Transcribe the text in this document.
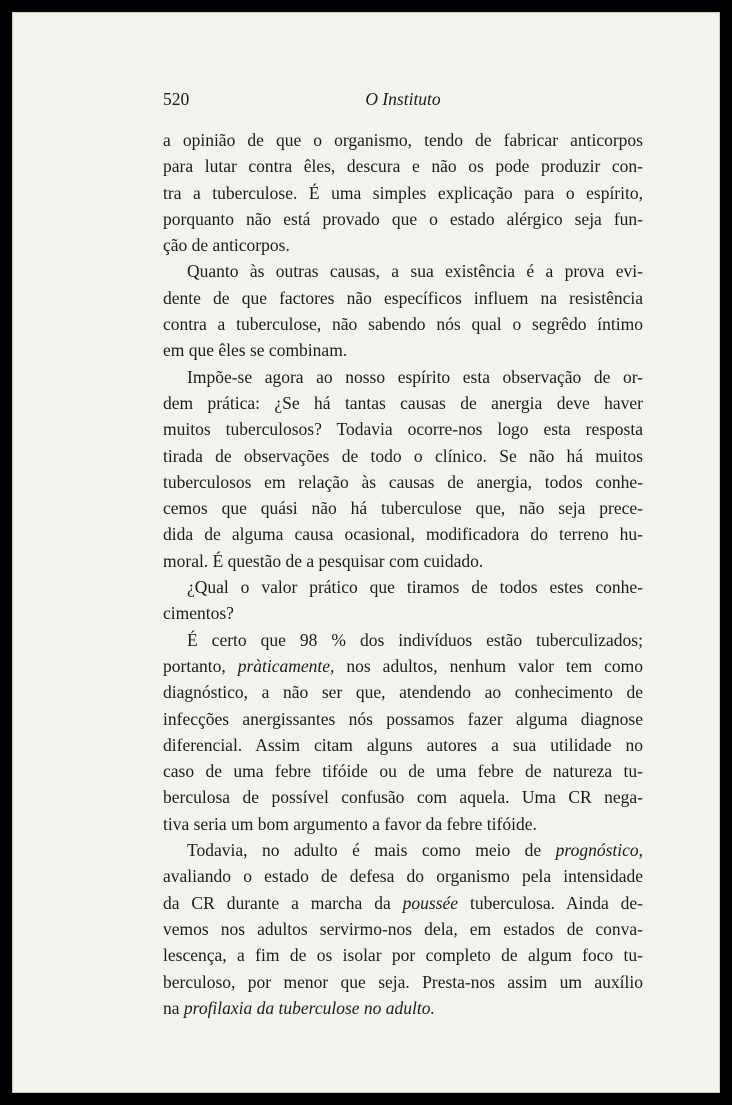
520	O Instituto
a opinião de que o organismo, tendo de fabricar anticorpos
para lutar contra êles, descura e não os pode produzir con-
tra a tuberculose. É uma simples explicação para o espírito,
porquanto não está provado que o estado alérgico seja fun-
ção de anticorpos.
Quanto às outras causas, a sua existência é a prova evi-
dente de que factores não específicos influem na resistência
contra a tuberculose, não sabendo nós qual o segrêdo íntimo
em que êles se combinam.
Impõe-se agora ao nosso espírito esta observação de or-
dem prática: ¿Se há tantas causas de anergia deve haver
muitos tuberculosos? Todavia ocorre-nos logo esta resposta
tirada de observações de todo o clínico. Se não há muitos
tuberculosos em relação às causas de anergia, todos conhe-
cemos que quási não há tuberculose que, não seja prece-
dida de alguma causa ocasional, modificadora do terreno hu-
moral. É questão de a pesquisar com cuidado.
¿Qual o valor prático que tiramos de todos estes conhe-
cimentos?
É certo que 98 % dos indivíduos estão tuberculizados;
portanto, pràticamente, nos adultos, nenhum valor tem como
diagnóstico, a não ser que, atendendo ao conhecimento de
infecções anergissantes nós possamos fazer alguma diagnose
diferencial. Assim citam alguns autores a sua utilidade no
caso de uma febre tifóide ou de uma febre de natureza tu-
berculosa de possível confusão com aquela. Uma CR nega-
tiva seria um bom argumento a favor da febre tifóide.
Todavia, no adulto é mais como meio de prognóstico,
avaliando o estado de defesa do organismo pela intensidade
da CR durante a marcha da poussée tuberculosa. Ainda de-
vemos nos adultos servirmo-nos dela, em estados de conva-
lescença, a fim de os isolar por completo de algum foco tu-
berculoso, por menor que seja. Presta-nos assim um auxílio
na profilaxia da tuberculose no adulto.
